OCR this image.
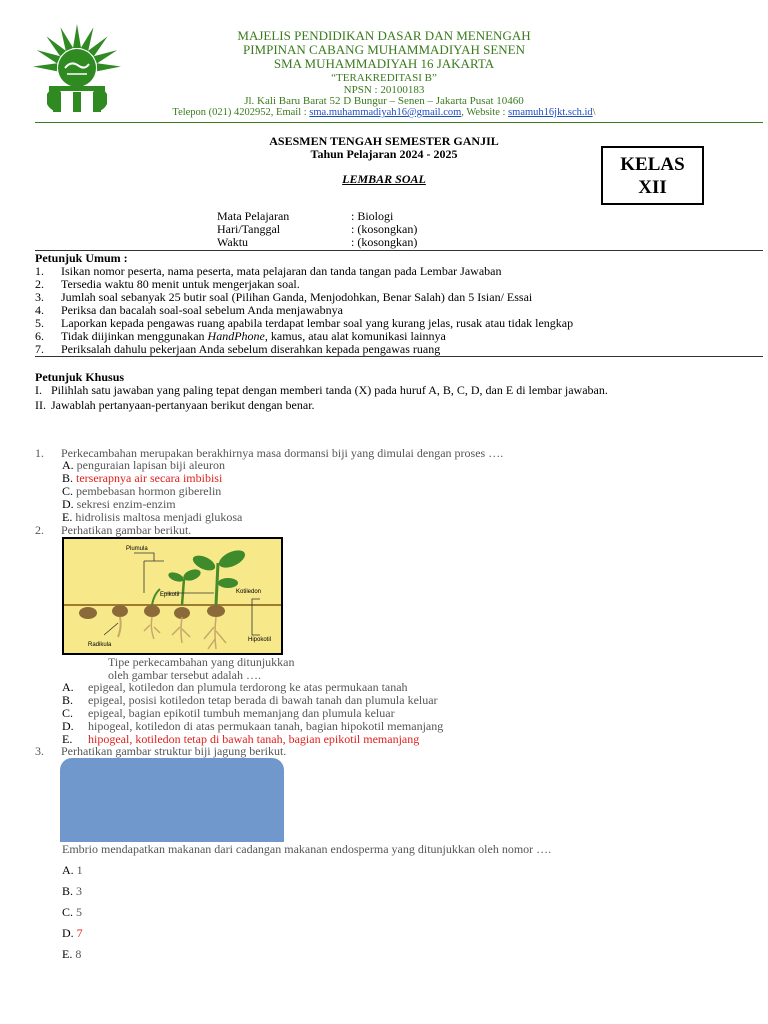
MAJELIS PENDIDIKAN DASAR DAN MENENGAH
PIMPINAN CABANG MUHAMMADIYAH SENEN
SMA MUHAMMADIYAH 16 JAKARTA
“TERAKREDITASI B”
NPSN : 20100183
Jl. Kali Baru Barat 52 D Bungur – Senen – Jakarta Pusat 10460
Telepon (021) 4202952, Email : sma.muhammadiyah16@gmail.com, Website : smamuh16jkt.sch.id\
ASESMEN TENGAH SEMESTER GANJIL
Tahun Pelajaran 2024 - 2025
LEMBAR SOAL
KELAS
XII
Mata Pelajaran	: Biologi
Hari/Tanggal	: (kosongkan)
Waktu	: (kosongkan)
Petunjuk Umum :
1. Isikan nomor peserta, nama peserta, mata pelajaran dan tanda tangan pada Lembar Jawaban
2. Tersedia waktu 80 menit untuk mengerjakan soal.
3. Jumlah soal sebanyak 25 butir soal (Pilihan Ganda, Menjodohkan, Benar Salah) dan 5 Isian/ Essai
4. Periksa dan bacalah soal-soal sebelum Anda menjawabnya
5. Laporkan kepada pengawas ruang apabila terdapat lembar soal yang kurang jelas, rusak atau tidak lengkap
6. Tidak diijinkan menggunakan HandPhone, kamus, atau alat komunikasi lainnya
7. Periksalah dahulu pekerjaan Anda sebelum diserahkan kepada pengawas ruang
Petunjuk Khusus
I. Pilihlah satu jawaban yang paling tepat dengan memberi tanda (X) pada huruf A, B, C, D, dan E di lembar jawaban.
II. Jawablah pertanyaan-pertanyaan berikut dengan benar.
1. Perkecambahan merupakan berakhirnya masa dormansi biji yang dimulai dengan proses ….
A. penguraian lapisan biji aleuron
B. terserapnya air secara imbibisi
C. pembebasan hormon giberelin
D. sekresi enzim-enzim
E. hidrolisis maltosa menjadi glukosa
2. Perhatikan gambar berikut.
Plumula
Epikotil	Kotiledon
Hipokotil
Radikula
Tipe perkecambahan yang ditunjukkan
oleh gambar tersebut adalah ….
A. epigeal, kotiledon dan plumula terdorong ke atas permukaan tanah
B. epigeal, posisi kotiledon tetap berada di bawah tanah dan plumula keluar
C. epigeal, bagian epikotil tumbuh memanjang dan plumula keluar
D. hipogeal, kotiledon di atas permukaan tanah, bagian hipokotil memanjang
E. hipogeal, kotiledon tetap di bawah tanah, bagian epikotil memanjang
3. Perhatikan gambar struktur biji jagung berikut.
Embrio mendapatkan makanan dari cadangan makanan endosperma yang ditunjukkan oleh nomor ….
A. 1
B. 3
C. 5
D. 7
E. 8
